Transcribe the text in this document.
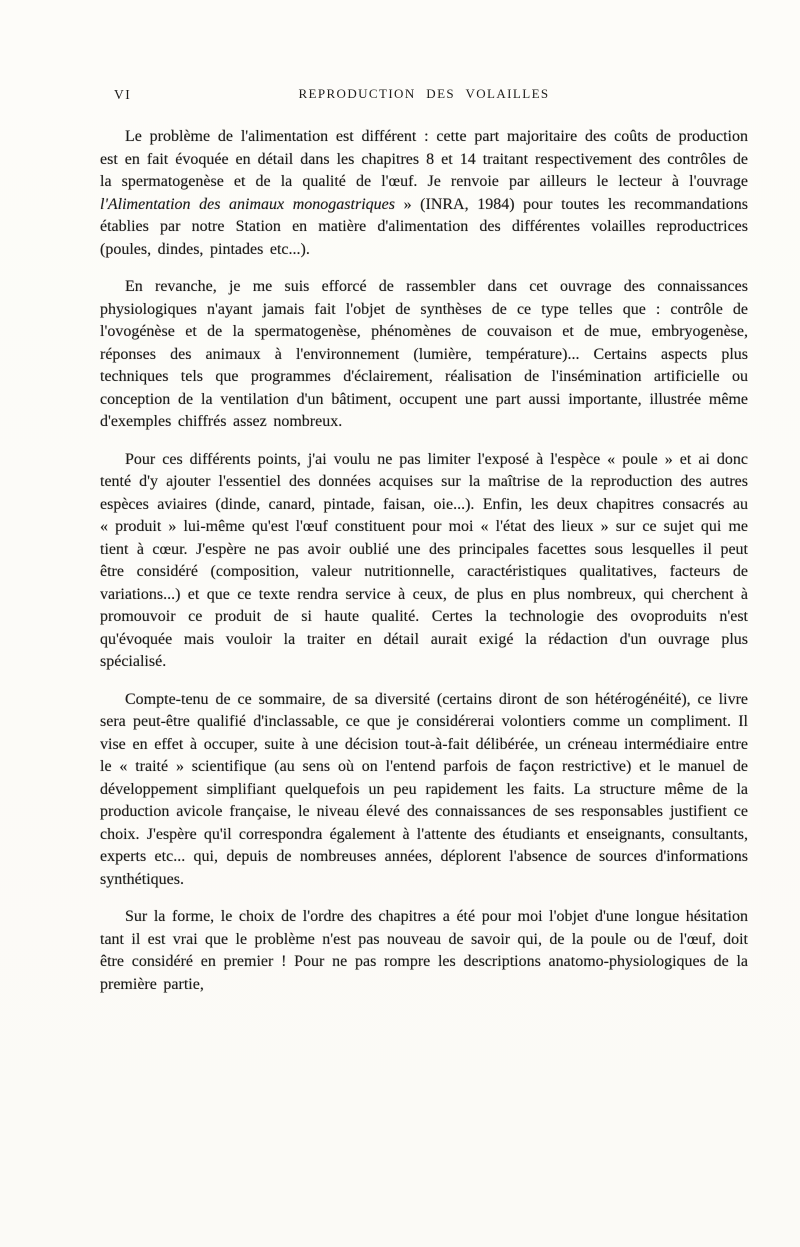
VI	REPRODUCTION DES VOLAILLES

Le problème de l'alimentation est différent : cette part majoritaire des coûts de production est en fait évoquée en détail dans les chapitres 8 et 14 traitant respectivement des contrôles de la spermatogenèse et de la qualité de l'œuf. Je renvoie par ailleurs le lecteur à l'ouvrage l'Alimentation des animaux monogastriques » (INRA, 1984) pour toutes les recommandations établies par notre Station en matière d'alimentation des différentes volailles reproductrices (poules, dindes, pintades etc...).

En revanche, je me suis efforcé de rassembler dans cet ouvrage des connaissances physiologiques n'ayant jamais fait l'objet de synthèses de ce type telles que : contrôle de l'ovogénèse et de la spermatogenèse, phénomènes de couvaison et de mue, embryogenèse, réponses des animaux à l'environnement (lumière, température)... Certains aspects plus techniques tels que programmes d'éclairement, réalisation de l'insémination artificielle ou conception de la ventilation d'un bâtiment, occupent une part aussi importante, illustrée même d'exemples chiffrés assez nombreux.

Pour ces différents points, j'ai voulu ne pas limiter l'exposé à l'espèce « poule » et ai donc tenté d'y ajouter l'essentiel des données acquises sur la maîtrise de la reproduction des autres espèces aviaires (dinde, canard, pintade, faisan, oie...). Enfin, les deux chapitres consacrés au « produit » lui-même qu'est l'œuf constituent pour moi « l'état des lieux » sur ce sujet qui me tient à cœur. J'espère ne pas avoir oublié une des principales facettes sous lesquelles il peut être considéré (composition, valeur nutritionnelle, caractéristiques qualitatives, facteurs de variations...) et que ce texte rendra service à ceux, de plus en plus nombreux, qui cherchent à promouvoir ce produit de si haute qualité. Certes la technologie des ovoproduits n'est qu'évoquée mais vouloir la traiter en détail aurait exigé la rédaction d'un ouvrage plus spécialisé.

Compte-tenu de ce sommaire, de sa diversité (certains diront de son hétérogénéité), ce livre sera peut-être qualifié d'inclassable, ce que je considérerai volontiers comme un compliment. Il vise en effet à occuper, suite à une décision tout-à-fait délibérée, un créneau intermédiaire entre le « traité » scientifique (au sens où on l'entend parfois de façon restrictive) et le manuel de développement simplifiant quelquefois un peu rapidement les faits. La structure même de la production avicole française, le niveau élevé des connaissances de ses responsables justifient ce choix. J'espère qu'il correspondra également à l'attente des étudiants et enseignants, consultants, experts etc... qui, depuis de nombreuses années, déplorent l'absence de sources d'informations synthétiques.

Sur la forme, le choix de l'ordre des chapitres a été pour moi l'objet d'une longue hésitation tant il est vrai que le problème n'est pas nouveau de savoir qui, de la poule ou de l'œuf, doit être considéré en premier ! Pour ne pas rompre les descriptions anatomo-physiologiques de la première partie,
